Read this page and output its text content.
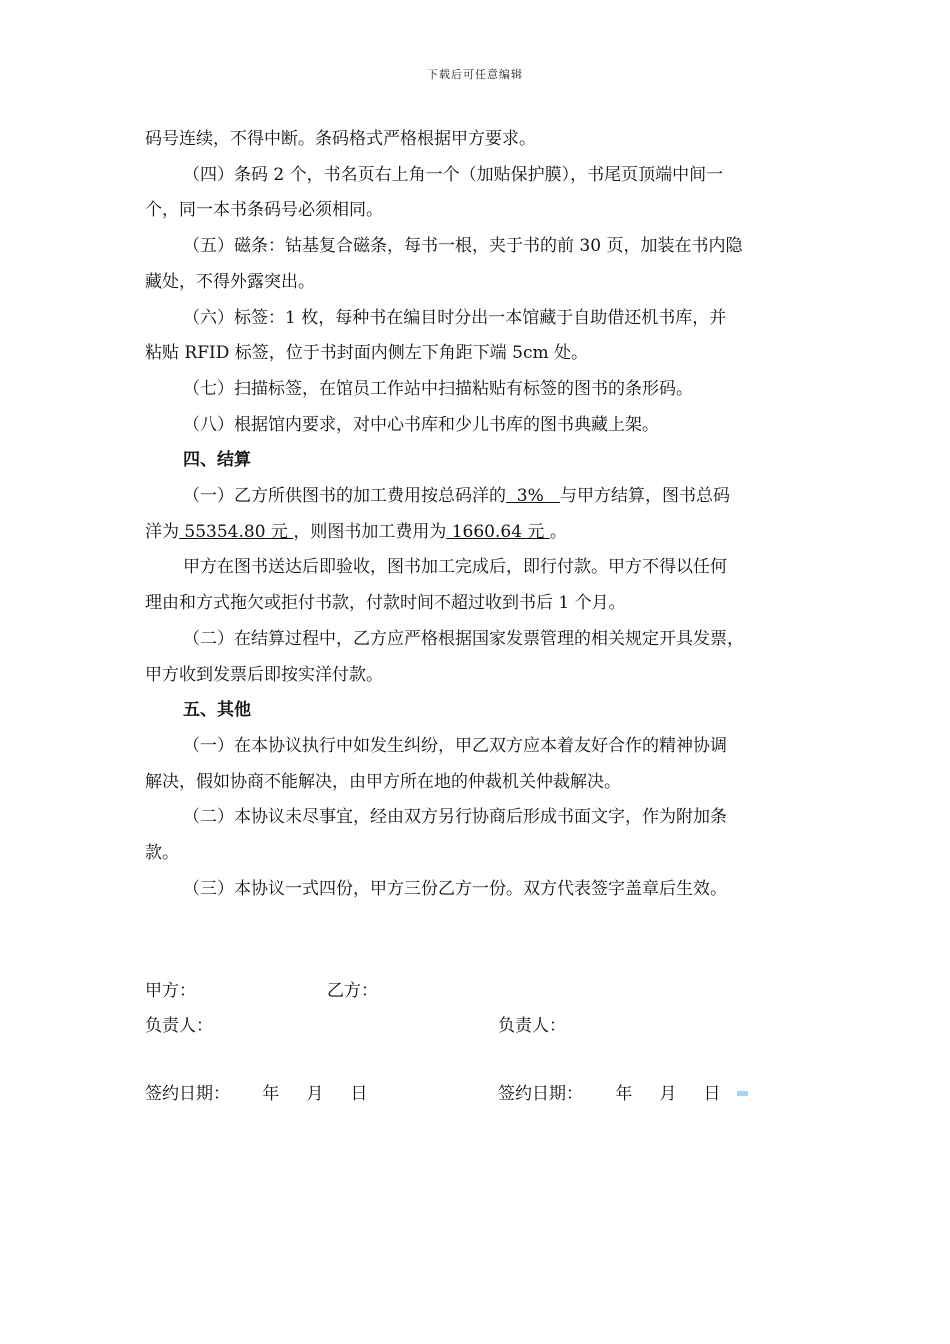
下载后可任意编辑

码号连续，不得中断。条码格式严格根据甲方要求。

（四）条码 2 个，书名页右上角一个（加贴保护膜），书尾页顶端中间一

个，同一本书条码号必须相同。

（五）磁条：钴基复合磁条，每书一根，夹于书的前 30 页，加装在书内隐

藏处，不得外露突出。

（六）标签：1 枚，每种书在编目时分出一本馆藏于自助借还机书库，并

粘贴 RFID 标签，位于书封面内侧左下角距下端 5cm 处。

（七）扫描标签，在馆员工作站中扫描粘贴有标签的图书的条形码。

（八）根据馆内要求，对中心书库和少儿书库的图书典藏上架。

四、结算

（一）乙方所供图书的加工费用按总码洋的  3%   与甲方结算，图书总码

洋为 55354.80 元 ，则图书加工费用为 1660.64 元 。

甲方在图书送达后即验收，图书加工完成后，即行付款。甲方不得以任何

理由和方式拖欠或拒付书款，付款时间不超过收到书后 1 个月。

（二）在结算过程中，乙方应严格根据国家发票管理的相关规定开具发票，

甲方收到发票后即按实洋付款。

五、其他

（一）在本协议执行中如发生纠纷，甲乙双方应本着友好合作的精神协调

解决，假如协商不能解决，由甲方所在地的仲裁机关仲裁解决。

（二）本协议未尽事宜，经由双方另行协商后形成书面文字，作为附加条

款。

（三）本协议一式四份，甲方三份乙方一份。双方代表签字盖章后生效。

甲方：	乙方：
负责人：	负责人：
签约日期：      年     月     日	签约日期：      年     月     日
